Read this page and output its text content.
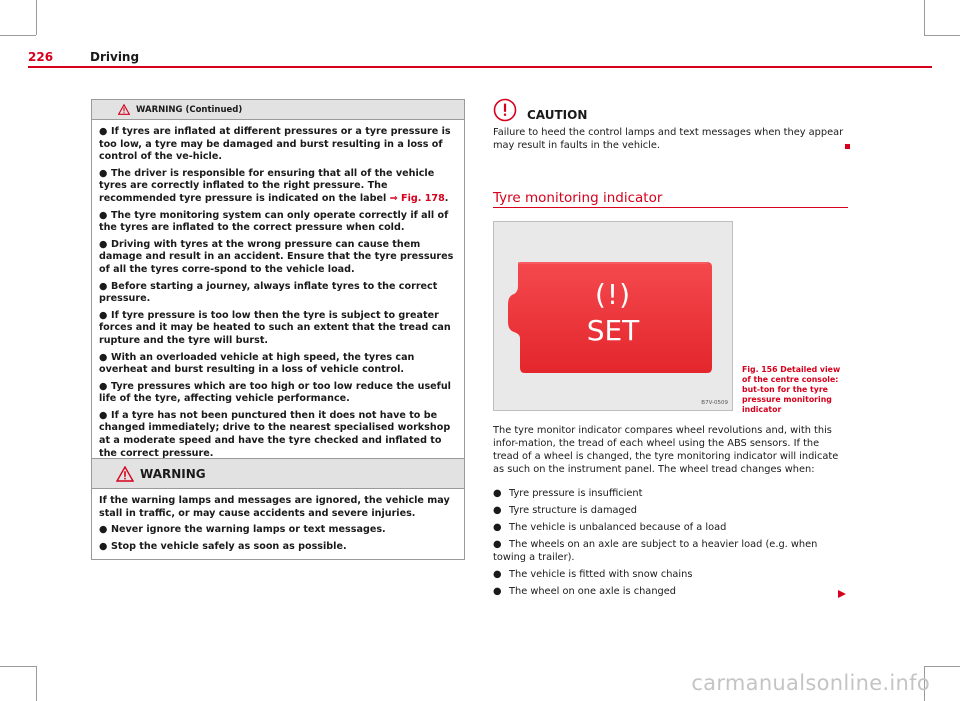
226	Driving
WARNING (Continued)

● If tyres are inflated at different pressures or a tyre pressure is too low, a tyre may be damaged and burst resulting in a loss of control of the ve-hicle.

● The driver is responsible for ensuring that all of the vehicle tyres are correctly inflated to the right pressure. The recommended tyre pressure is indicated on the label ⇒ Fig. 178.

● The tyre monitoring system can only operate correctly if all of the tyres are inflated to the correct pressure when cold.

● Driving with tyres at the wrong pressure can cause them damage and result in an accident. Ensure that the tyre pressures of all the tyres corre-spond to the vehicle load.

● Before starting a journey, always inflate tyres to the correct pressure.

● If tyre pressure is too low then the tyre is subject to greater forces and it may be heated to such an extent that the tread can rupture and the tyre will burst.

● With an overloaded vehicle at high speed, the tyres can overheat and burst resulting in a loss of vehicle control.

● Tyre pressures which are too high or too low reduce the useful life of the tyre, affecting vehicle performance.

● If a tyre has not been punctured then it does not have to be changed immediately; drive to the nearest specialised workshop at a moderate speed and have the tyre checked and inflated to the correct pressure.

WARNING

If the warning lamps and messages are ignored, the vehicle may stall in traffic, or may cause accidents and severe injuries.

● Never ignore the warning lamps or text messages.

● Stop the vehicle safely as soon as possible.

CAUTION

Failure to heed the control lamps and text messages when they appear may result in faults in the vehicle.

Tyre monitoring indicator
(!)
SET
B7V-0509
Fig. 156 Detailed view of the centre console: but-ton for the tyre pressure monitoring indicator

The tyre monitor indicator compares wheel revolutions and, with this infor-mation, the tread of each wheel using the ABS sensors. If the tread of a wheel is changed, the tyre monitoring indicator will indicate as such on the instrument panel. The wheel tread changes when:

● Tyre pressure is insufficient
● Tyre structure is damaged
● The vehicle is unbalanced because of a load
● The wheels on an axle are subject to a heavier load (e.g. when towing a trailer).
● The vehicle is fitted with snow chains
● The wheel on one axle is changed
carmanualsonline.info
